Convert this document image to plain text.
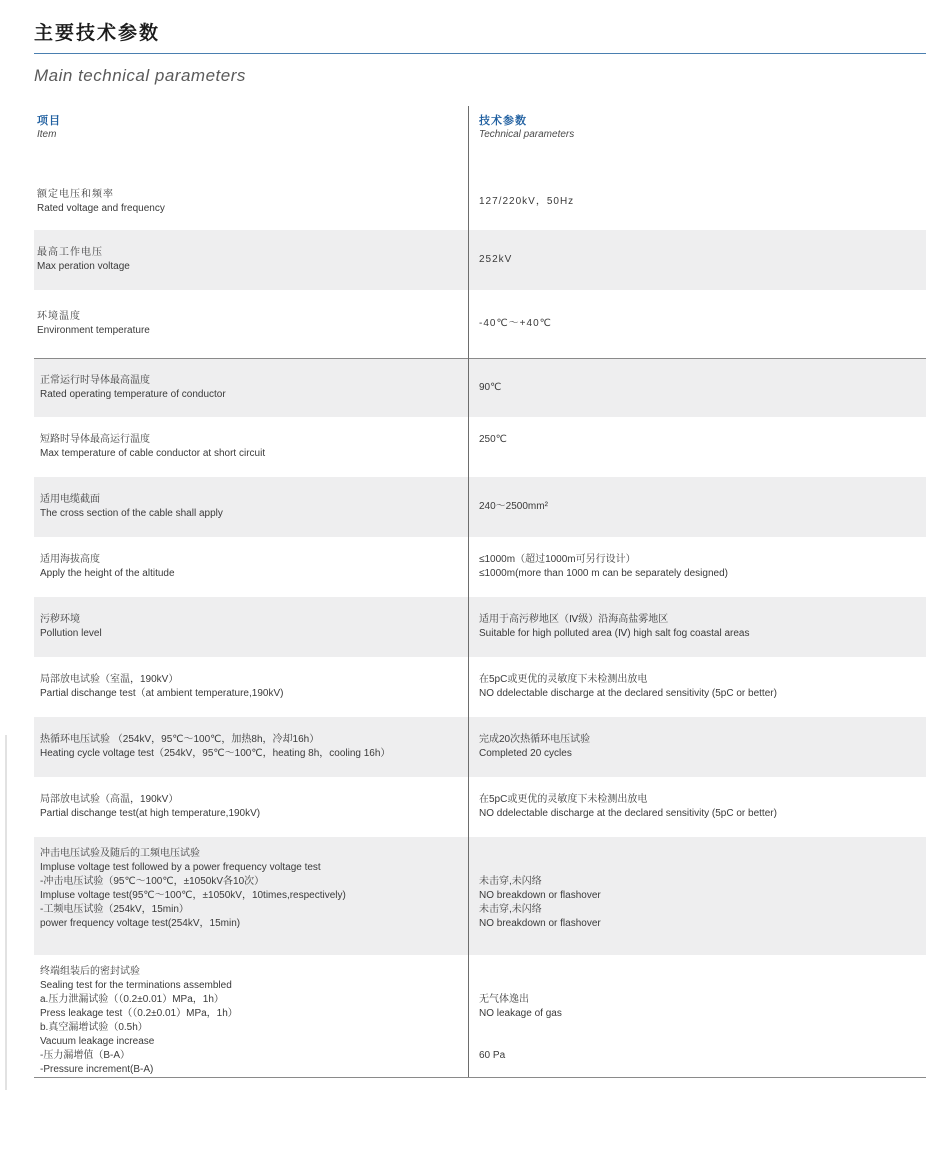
主要技术参数
Main technical parameters
项目
Item
技术参数
Technical parameters
额定电压和频率
Rated voltage and frequency
127/220kV，50Hz
最高工作电压
Max peration voltage
252kV
环境温度
Environment temperature
-40℃～+40℃
正常运行时导体最高温度
Rated operating temperature of conductor
90℃
短路时导体最高运行温度
Max temperature of cable conductor at short circuit
250℃
适用电缆截面
The cross section of the cable shall apply
240～2500mm²
适用海拔高度
Apply the height of the altitude
≤1000m（超过1000m可另行设计）
≤1000m(more than 1000 m can be separately designed)
污秽环境
Pollution level
适用于高污秽地区（Ⅳ级）沿海高盐雾地区
Suitable for high polluted area (Ⅳ) high salt fog coastal areas
局部放电试验（室温，190kV）
Partial dischange test（at ambient temperature,190kV)
在5pC或更优的灵敏度下未检测出放电
NO ddelectable discharge at the declared sensitivity (5pC or better)
热循环电压试验 （254kV，95℃～100℃，加热8h，冷却16h）
Heating cycle voltage test（254kV，95℃～100℃，heating 8h，cooling 16h）
完成20次热循环电压试验
Completed 20 cycles
局部放电试验（高温，190kV）
Partial dischange test(at high temperature,190kV)
在5pC或更优的灵敏度下未检测出放电
NO ddelectable discharge at the declared sensitivity (5pC or better)
冲击电压试验及随后的工频电压试验
Impluse voltage test followed by a power frequency voltage test
-冲击电压试验（95℃～100℃，±1050kV各10次）
Impluse voltage test(95℃～100℃，±1050kV，10times,respectively)
-工频电压试验（254kV，15min）
power frequency voltage test(254kV，15min)
未击穿,未闪络
NO breakdown or flashover
未击穿,未闪络
NO breakdown or flashover
终端组装后的密封试验
Sealing test for the terminations assembled
a.压力泄漏试验（（0.2±0.01）MPa，1h）
Press leakage test（（0.2±0.01）MPa，1h）
b.真空漏增试验（0.5h）
Vacuum leakage increase
-压力漏增值（B-A）
-Pressure increment(B-A)
无气体逸出
NO leakage of gas
60 Pa
